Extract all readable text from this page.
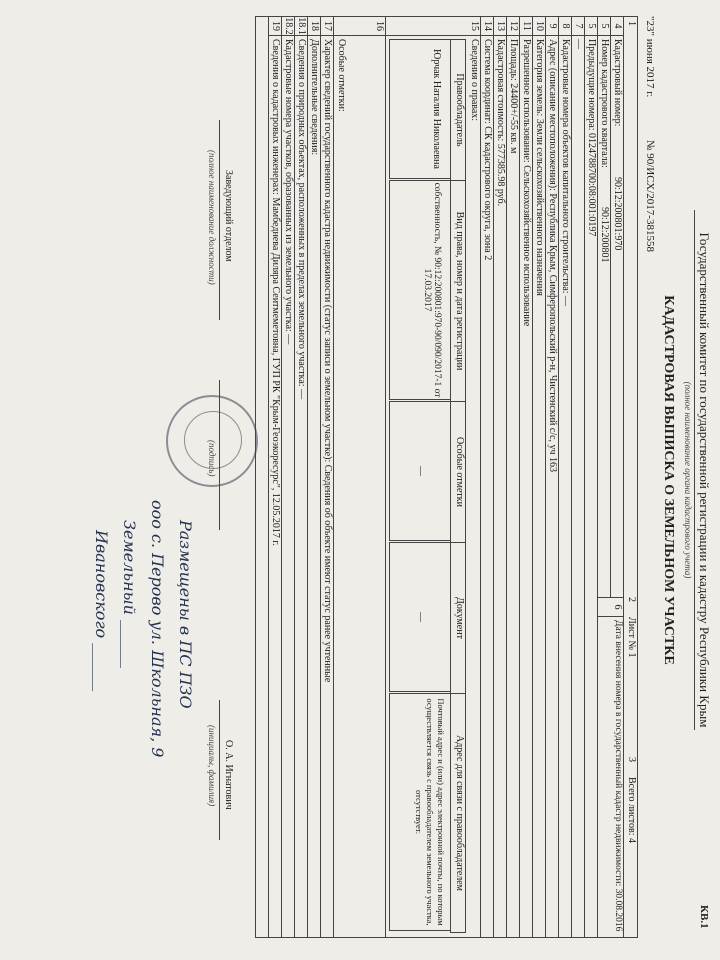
Государственный комитет по государственной регистрации и кадастру Республики Крым
(полное наименование органа кадастрового учета)
КВ.1
КАДАСТРОВАЯ ВЫПИСКА О ЗЕМЕЛЬНОМ УЧАСТКЕ
"23" июня 2017 г.
№ 90/ИСХ/2017-381558
1
2
Лист № 1
3
Всего листов: 4
4
Кадастровый номер:
90:12:200801:970
5
Номер кадастрового квартала:
90:12:200801
6
Дата внесения номера в государственный кадастр недвижимости: 30.08.2016
5
Предыдущие номера: 0124788700:08:001:0197
7
—
8
Кадастровые номера объектов капитального строительства: —
9
Адрес (описание местоположения): Республика Крым, Симферопольский р-н, Чистенский с/с, уч 163
10
Категория земель: Земли сельскохозяйственного назначения
11
Разрешенное использование: Сельскохозяйственное использование
12
Площадь: 24400+/-55 кв. м
13
Кадастровая стоимость: 577385.98 руб.
14
Система координат: СК кадастрового округа, зона 2
15
Сведения о правах:
Правообладатель
Вид права, номер и дата регистрации
Особые отметки
Документ
Адрес для связи с правообладателем
Юрчак Наталия Николаевна
собственность, № 90:12:200801:970-90/090/2017-1 от 17.03.2017
—
—
Почтовый адрес и (или) адрес электронной почты, по которым осуществляется связь с правообладателем земельного участка, отсутствует.
16
Особые отметки:
17
Характер сведений государственного кадастра недвижимости (статус записи о земельном участке): Сведения об объекте имеют статус ранее учтенные
18
Дополнительные сведения:
18.1
Сведения о природных объектах, расположенных в пределах земельного участка: —
18.2
Кадастровые номера участков, образованных из земельного участка: —
19
Сведения о кадастровых инженерах: Мамбеднева Диляра Сеитмеметовна, ГУП РК "Крым-Геоэкоресурс", 12.05.2017 г.
Заведующий отделом
(полное наименование должности)
(подпись)
О. А. Игнатович
(инициалы, фамилия)
Размещены в ПС ПЗО
ооо с. Перово ул. Школьная, 9
Земельный ______
Ивановского ______
